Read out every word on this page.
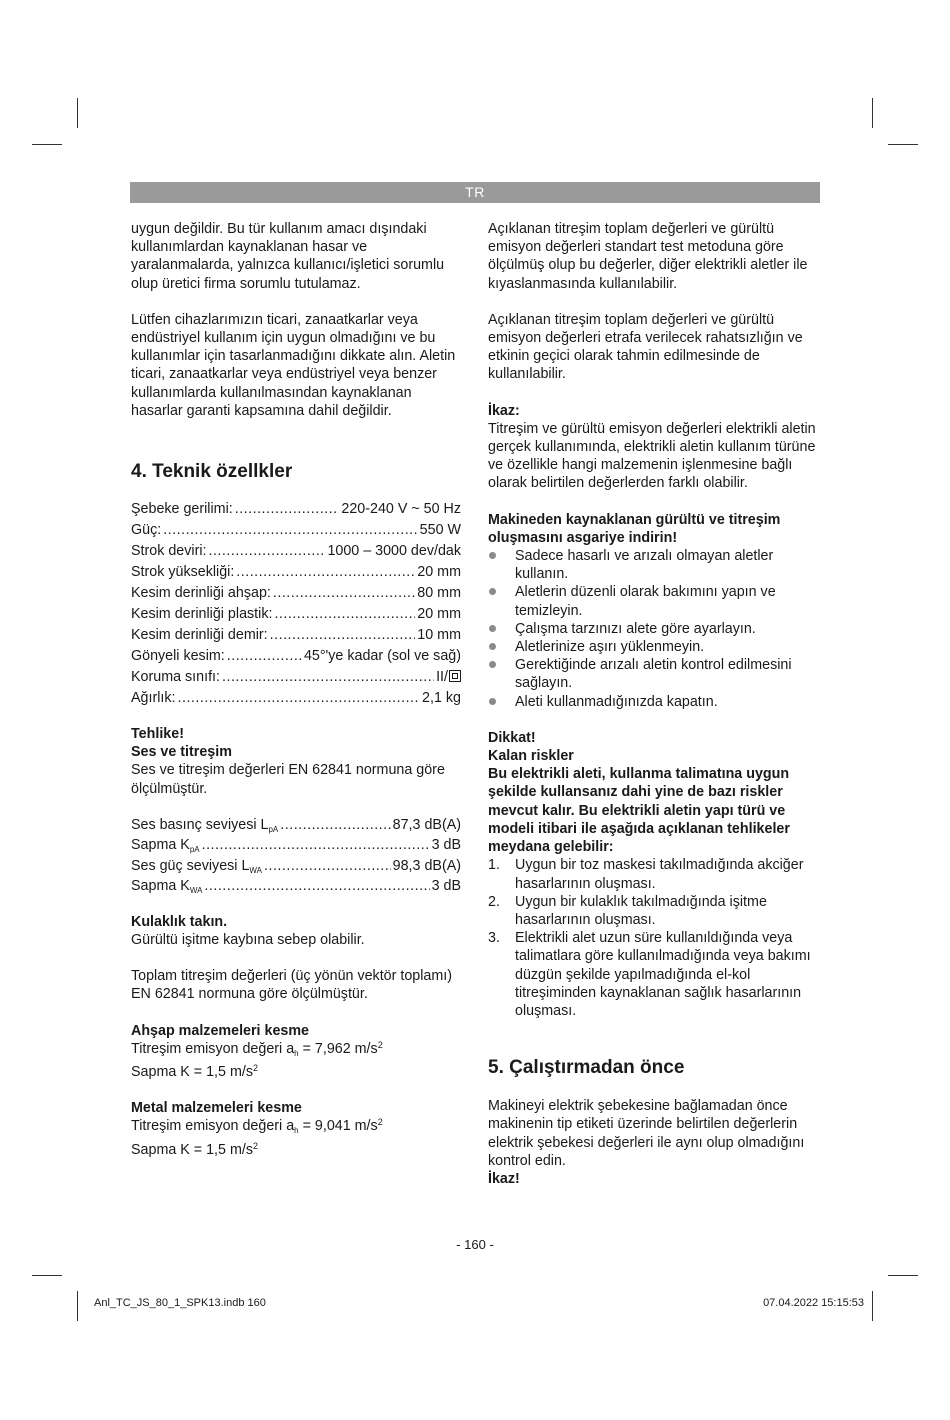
TR

uygun değildir. Bu tür kullanım amacı dışındaki kullanımlardan kaynaklanan hasar ve yaralanmalarda, yalnızca kullanıcı/işletici sorumlu olup üretici firma sorumlu tutulamaz.

Lütfen cihazlarımızın ticari, zanaatkarlar veya endüstriyel kullanım için uygun olmadığını ve bu kullanımlar için tasarlanmadığını dikkate alın. Aletin ticari, zanaatkarlar veya endüstriyel veya benzer kullanımlarda kullanılmasından kaynaklanan hasarlar garanti kapsamına dahil değildir.

4. Teknik özellkler
Şebeke gerilimi: .....	220-240 V ~ 50 Hz
Güç: .....	550 W
Strok deviri: .....	1000 – 3000 dev/dak
Strok yüksekliği: .....	20 mm
Kesim derinliği ahşap: .....	80 mm
Kesim derinliği plastik: .....	20 mm
Kesim derinliği demir: .....	10 mm
Gönyeli kesim: .....	45°'ye kadar (sol ve sağ)
Koruma sınıfı: .....	II/
Ağırlık: .....	2,1 kg

Tehlike!

Ses ve titreşim

Ses ve titreşim değerleri EN 62841 normuna göre ölçülmüştür.

Ses basınç seviyesi $L_{pA}$ .....	87,3 dB(A)
Sapma $K_{pA}$ .....	3 dB
Ses güç seviyesi $L_{WA}$ .....	98,3 dB(A)
Sapma $K_{WA}$ .....	3 dB

Kulaklık takın.

Gürültü işitme kaybına sebep olabilir.

Toplam titreşim değerleri (üç yönün vektör toplamı) EN 62841 normuna göre ölçülmüştür.

Ahşap malzemeleri kesme

Titreşim emisyon değeri $a_h = 7,962$ $m/s^2$

Sapma K = 1,5 $m/s^2$

Metal malzemeleri kesme

Titreşim emisyon değeri $a_h = 9,041$ $m/s^2$

Sapma K = 1,5 $m/s^2$

Açıklanan titreşim toplam değerleri ve gürültü emisyon değerleri standart test metoduna göre ölçülmüş olup bu değerler, diğer elektrikli aletler ile kıyaslanmasında kullanılabilir.

Açıklanan titreşim toplam değerleri ve gürültü emisyon değerleri etrafa verilecek rahatsızlığın ve etkinin geçici olarak tahmin edilmesinde de kullanılabilir.

İkaz:

Titreşim ve gürültü emisyon değerleri elektrikli aletin gerçek kullanımında, elektrikli aletin kullanım türüne ve özellikle hangi malzemenin işlenmesine bağlı olarak belirtilen değerlerden farklı olabilir.

Makineden kaynaklanan gürültü ve titreşim oluşmasını asgariye indirin!

Sadece hasarlı ve arızalı olmayan aletler kullanın.
Aletlerin düzenli olarak bakımını yapın ve temizleyin.
Çalışma tarzınızı alete göre ayarlayın.
Aletlerinize aşırı yüklenmeyin.
Gerektiğinde arızalı aletin kontrol edilmesini sağlayın.
Aleti kullanmadığınızda kapatın.

Dikkat!

Kalan riskler

Bu elektrikli aleti, kullanma talimatına uygun şekilde kullansanız dahi yine de bazı riskler mevcut kalır. Bu elektrikli aletin yapı türü ve modeli itibari ile aşağıda açıklanan tehlikeler meydana gelebilir:

1. Uygun bir toz maskesi takılmadığında akciğer hasarlarının oluşması.
2. Uygun bir kulaklık takılmadığında işitme hasarlarının oluşması.
3. Elektrikli alet uzun süre kullanıldığında veya talimatlara göre kullanılmadığında veya bakımı düzgün şekilde yapılmadığında el-kol titreşiminden kaynaklanan sağlık hasarlarının oluşması.
5. Çalıştırmadan önce

Makineyi elektrik şebekesine bağlamadan önce makinenin tip etiketi üzerinde belirtilen değerlerin elektrik şebekesi değerleri ile aynı olup olmadığını kontrol edin.

İkaz!

- 160 -
Anl_TC_JS_80_1_SPK13.indb 160	07.04.2022 15:15:53
